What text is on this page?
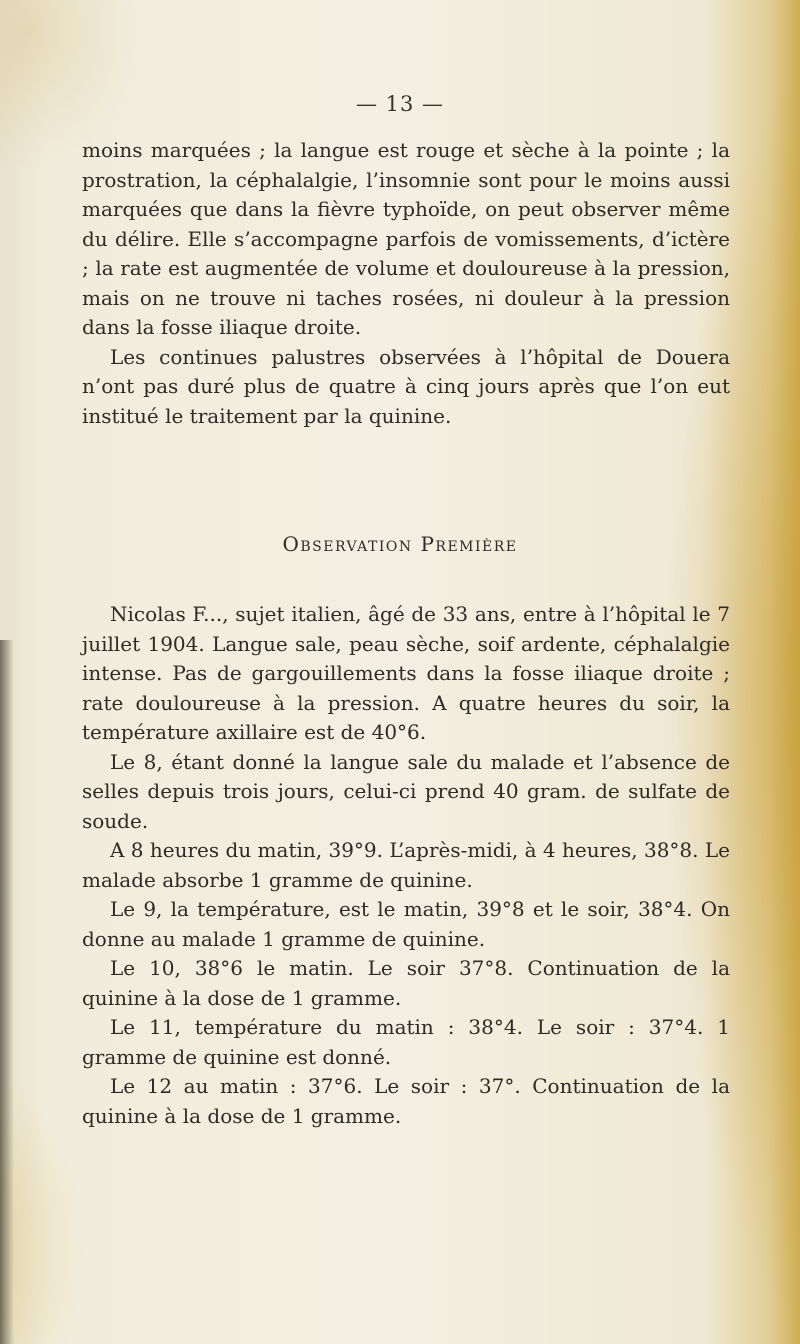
— 13 —

moins marquées ; la langue est rouge et sèche à la pointe ; la prostration, la céphalalgie, l’insomnie sont pour le moins aussi marquées que dans la fièvre typhoïde, on peut observer même du délire. Elle s’accompagne parfois de vomissements, d’ictère ; la rate est augmentée de volume et douloureuse à la pression, mais on ne trouve ni taches rosées, ni douleur à la pression dans la fosse iliaque droite.

Les continues palustres observées à l’hôpital de Douera n’ont pas duré plus de quatre à cinq jours après que l’on eut institué le traitement par la quinine.

Observation Première

Nicolas F..., sujet italien, âgé de 33 ans, entre à l’hôpital le 7 juillet 1904. Langue sale, peau sèche, soif ardente, céphalalgie intense. Pas de gargouillements dans la fosse iliaque droite ; rate douloureuse à la pression. A quatre heures du soir, la température axillaire est de 40°6.

Le 8, étant donné la langue sale du malade et l’absence de selles depuis trois jours, celui-ci prend 40 gram. de sulfate de soude.

A 8 heures du matin, 39°9. L’après-midi, à 4 heures, 38°8. Le malade absorbe 1 gramme de quinine.

Le 9, la température, est le matin, 39°8 et le soir, 38°4. On donne au malade 1 gramme de quinine.

Le 10, 38°6 le matin. Le soir 37°8. Continuation de la quinine à la dose de 1 gramme.

Le 11, température du matin : 38°4. Le soir : 37°4. 1 gramme de quinine est donné.

Le 12 au matin : 37°6. Le soir : 37°. Continuation de la quinine à la dose de 1 gramme.
